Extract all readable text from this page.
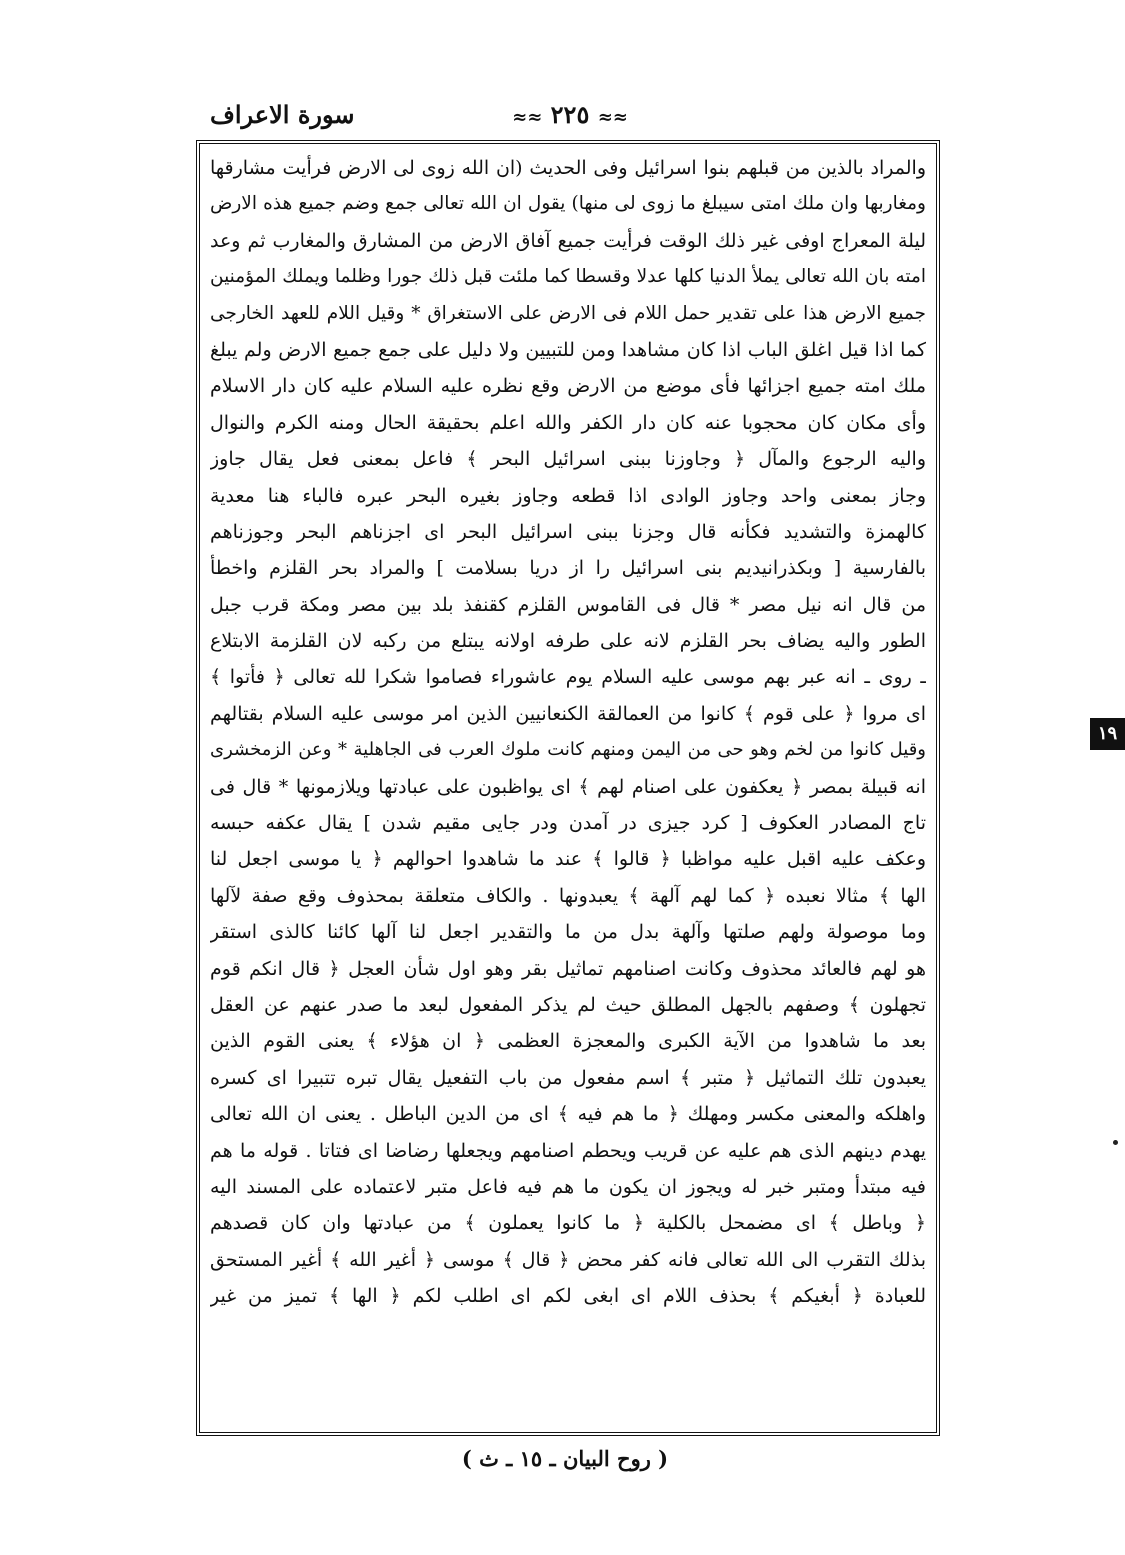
سورة الاعراف	≈≈ ٢٢٥ ≈≈
والمراد بالذين من قبلهم بنوا اسرائيل وفى الحديث (ان الله زوى لى الارض فرأيت مشارقها
ومغاربها وان ملك امتى سيبلغ ما زوى لى منها) يقول ان الله تعالى جمع وضم جميع هذه الارض
ليلة المعراج اوفى غير ذلك الوقت فرأيت جميع آفاق الارض من المشارق والمغارب ثم وعد
امته بان الله تعالى يملأ الدنيا كلها عدلا وقسطا كما ملئت قبل ذلك جورا وظلما ويملك المؤمنين
جميع الارض هذا على تقدير حمل اللام فى الارض على الاستغراق * وقيل اللام للعهد الخارجى
كما اذا قيل اغلق الباب اذا كان مشاهدا ومن للتبيين ولا دليل على جمع جميع الارض ولم يبلغ
ملك امته جميع اجزائها فأى موضع من الارض وقع نظره عليه السلام عليه كان دار الاسلام
وأى مكان كان محجوبا عنه كان دار الكفر والله اعلم بحقيقة الحال ومنه الكرم والنوال
واليه الرجوع والمآل ﴿ وجاوزنا ببنى اسرائيل البحر ﴾ فاعل بمعنى فعل يقال جاوز
وجاز بمعنى واحد وجاوز الوادى اذا قطعه وجاوز بغيره البحر عبره فالباء هنا معدية
كالهمزة والتشديد فكأنه قال وجزنا ببنى اسرائيل البحر اى اجزناهم البحر وجوزناهم
بالفارسية [ وبكذرانيديم بنى اسرائيل را از دريا بسلامت ] والمراد بحر القلزم واخطأ
من قال انه نيل مصر * قال فى القاموس القلزم كقنفذ بلد بين مصر ومكة قرب جبل
الطور واليه يضاف بحر القلزم لانه على طرفه اولانه يبتلع من ركبه لان القلزمة الابتلاع
ـ روى ـ انه عبر بهم موسى عليه السلام يوم عاشوراء فصاموا شكرا لله تعالى ﴿ فأتوا ﴾
اى مروا ﴿ على قوم ﴾ كانوا من العمالقة الكنعانيين الذين امر موسى عليه السلام بقتالهم
وقيل كانوا من لخم وهو حى من اليمن ومنهم كانت ملوك العرب فى الجاهلية * وعن الزمخشرى
انه قبيلة بمصر ﴿ يعكفون على اصنام لهم ﴾ اى يواظبون على عبادتها ويلازمونها * قال فى
تاج المصادر العكوف [ كرد جيزى در آمدن ودر جايى مقيم شدن ] يقال عكفه حبسه
وعكف عليه اقبل عليه مواظبا ﴿ قالوا ﴾ عند ما شاهدوا احوالهم ﴿ يا موسى اجعل لنا
الها ﴾ مثالا نعبده ﴿ كما لهم آلهة ﴾ يعبدونها . والكاف متعلقة بمحذوف وقع صفة لآلها
وما موصولة ولهم صلتها وآلهة بدل من ما والتقدير اجعل لنا آلها كائنا كالذى استقر
هو لهم فالعائد محذوف وكانت اصنامهم تماثيل بقر وهو اول شأن العجل ﴿ قال انكم قوم
تجهلون ﴾ وصفهم بالجهل المطلق حيث لم يذكر المفعول لبعد ما صدر عنهم عن العقل
بعد ما شاهدوا من الآية الكبرى والمعجزة العظمى ﴿ ان هؤلاء ﴾ يعنى القوم الذين
يعبدون تلك التماثيل ﴿ متبر ﴾ اسم مفعول من باب التفعيل يقال تبره تتبيرا اى كسره
واهلكه والمعنى مكسر ومهلك ﴿ ما هم فيه ﴾ اى من الدين الباطل . يعنى ان الله تعالى
يهدم دينهم الذى هم عليه عن قريب ويحطم اصنامهم ويجعلها رضاضا اى فتاتا . قوله ما هم
فيه مبتدأ ومتبر خبر له ويجوز ان يكون ما هم فيه فاعل متبر لاعتماده على المسند اليه
﴿ وباطل ﴾ اى مضمحل بالكلية ﴿ ما كانوا يعملون ﴾ من عبادتها وان كان قصدهم
بذلك التقرب الى الله تعالى فانه كفر محض ﴿ قال ﴾ موسى ﴿ أغير الله ﴾ أغير المستحق
للعبادة ﴿ أبغيكم ﴾ بحذف اللام اى ابغى لكم اى اطلب لكم ﴿ الها ﴾ تميز من غير
( روح البيان ـ ١٥ ـ ث )
١٩
